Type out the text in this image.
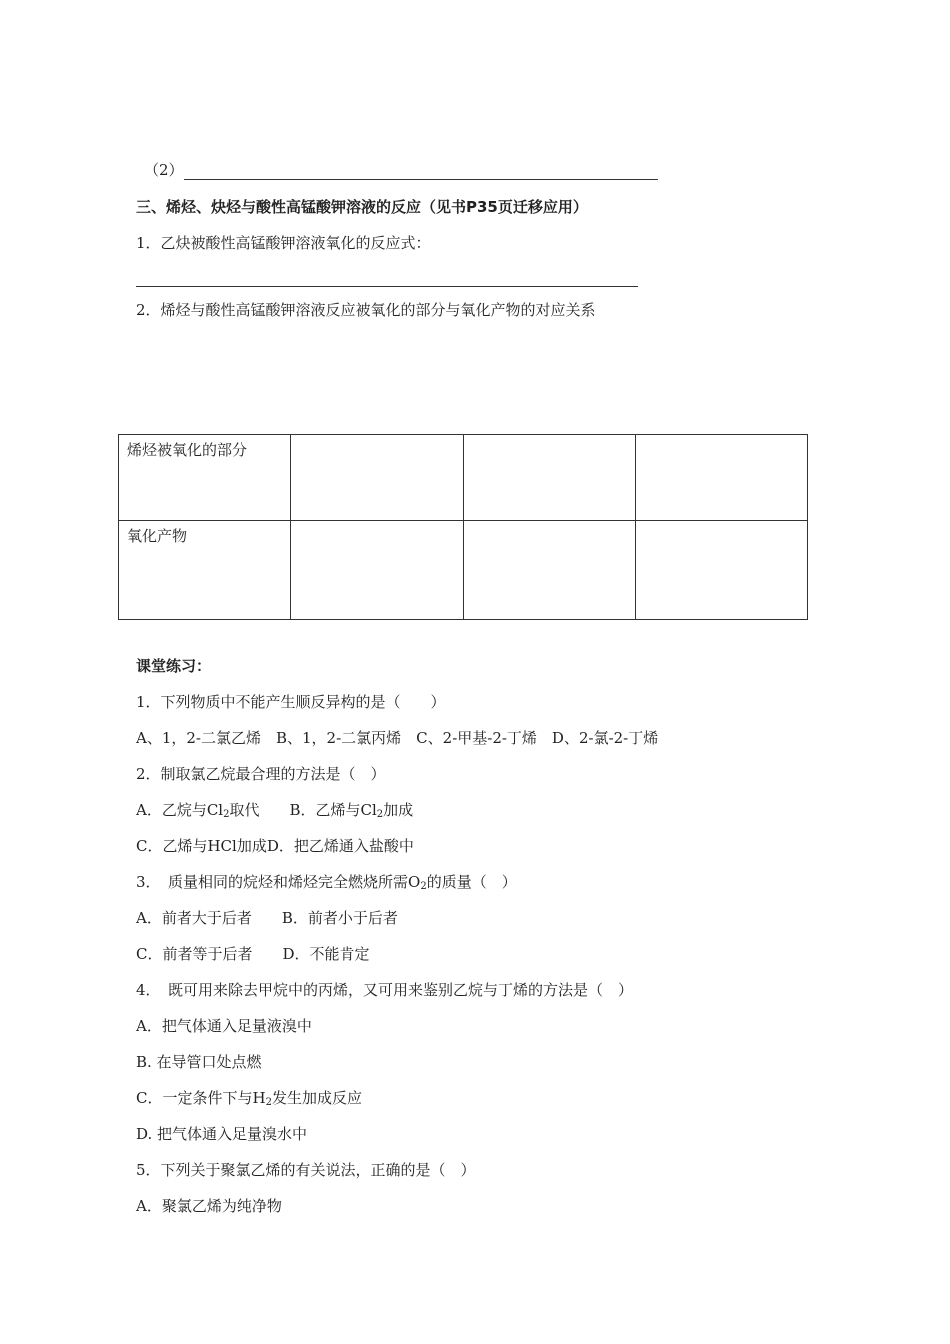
（2）
三、烯烃、炔烃与酸性高锰酸钾溶液的反应（见书P35页迁移应用）
1．乙炔被酸性高锰酸钾溶液氧化的反应式：
2．烯烃与酸性高锰酸钾溶液反应被氧化的部分与氧化产物的对应关系
烯烃被氧化的部分			
氧化产物			
课堂练习：
1．下列物质中不能产生顺反异构的是（　　）
A、1，2-二氯乙烯　B、1，2-二氯丙烯　C、2-甲基-2-丁烯　D、2-氯-2-丁烯
2．制取氯乙烷最合理的方法是（　）
A．乙烷与$Cl_2$取代　　B．乙烯与$Cl_2$加成
C．乙烯与HCl加成D．把乙烯通入盐酸中
3．　质量相同的烷烃和烯烃完全燃烧所需$O_2$的质量（　）
A．前者大于后者　　B．前者小于后者
C．前者等于后者　　D．不能肯定
4．　既可用来除去甲烷中的丙烯，又可用来鉴别乙烷与丁烯的方法是（　）
A．把气体通入足量液溴中
B. 在导管口处点燃
C．一定条件下与$H_2$发生加成反应
D. 把气体通入足量溴水中
5．下列关于聚氯乙烯的有关说法，正确的是（　）
A．聚氯乙烯为纯净物
